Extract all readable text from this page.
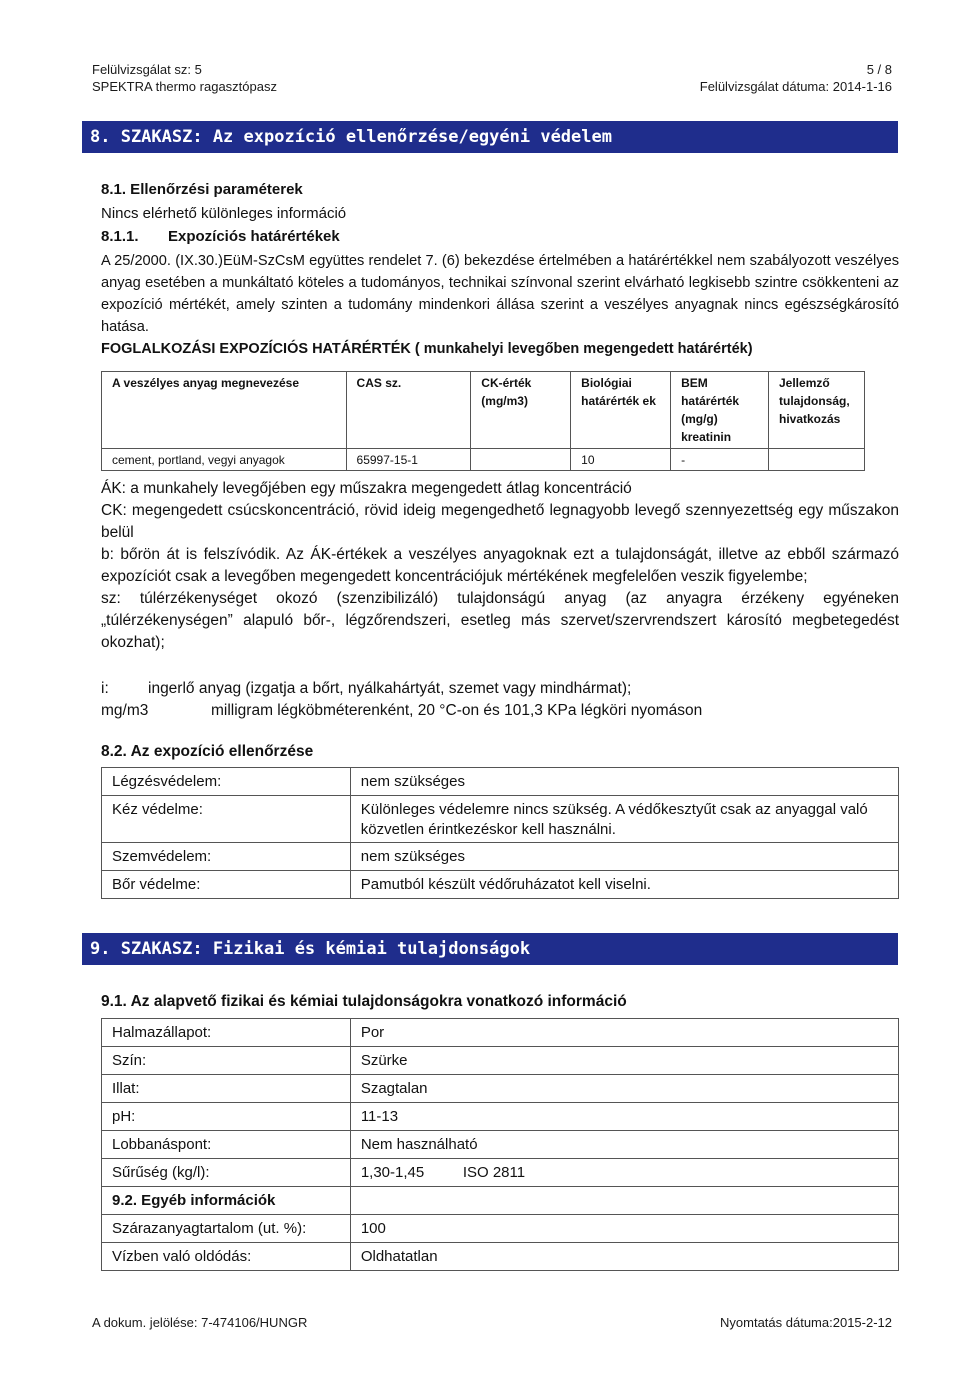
Felülvizsgálat sz: 5	5 / 8
SPEKTRA thermo ragasztópasz	Felülvizsgálat dátuma: 2014-1-16
8. SZAKASZ: Az expozíció ellenőrzése/egyéni védelem
8.1. Ellenőrzési paraméterek
Nincs elérhető különleges információ
8.1.1. Expozíciós határértékek
A 25/2000. (IX.30.)EüM-SzCsM együttes rendelet 7. (6) bekezdése értelmében a határértékkel nem szabályozott veszélyes anyag esetében a munkáltató köteles a tudományos, technikai színvonal szerint elvárható legkisebb szintre csökkenteni az expozíció mértékét, amely szinten a tudomány mindenkori állása szerint a veszélyes anyagnak nincs egészségkárosító hatása.
FOGLALKOZÁSI EXPOZÍCIÓS HATÁRÉRTÉK ( munkahelyi levegőben megengedett határérték)
A veszélyes anyag megnevezése	CAS sz.	CK-érték (mg/m3)	Biológiai határérték ek	BEM határérték (mg/g) kreatinin	Jellemző tulajdonság, hivatkozás
cement, portland, vegyi anyagok	65997-15-1		10	-	
ÁK: a munkahely levegőjében egy műszakra megengedett átlag koncentráció
CK: megengedett csúcskoncentráció, rövid ideig megengedhető legnagyobb levegő szennyezettség egy műszakon belül
b: bőrön át is felszívódik. Az ÁK-értékek a veszélyes anyagoknak ezt a tulajdonságát, illetve az ebből származó expozíciót csak a levegőben megengedett koncentrációjuk mértékének megfelelően veszik figyelembe;
sz: túlérzékenységet okozó (szenzibilizáló) tulajdonságú anyag (az anyagra érzékeny egyéneken „túlérzékenységen” alapuló bőr-, légzőrendszeri, esetleg más szervet/szervrendszert károsító megbetegedést okozhat);
i:	ingerlő anyag (izgatja a bőrt, nyálkahártyát, szemet vagy mindhármat);
mg/m3	milligram légköbméterenként, 20 °C-on és 101,3 KPa légköri nyomáson
8.2. Az expozíció ellenőrzése
Légzésvédelem:	nem szükséges
Kéz védelme:	Különleges védelemre nincs szükség. A védőkesztyűt csak az anyaggal való közvetlen érintkezéskor kell használni.
Szemvédelem:	nem szükséges
Bőr védelme:	Pamutból készült védőruházatot kell viselni.
9. SZAKASZ: Fizikai és kémiai tulajdonságok
9.1. Az alapvető fizikai és kémiai tulajdonságokra vonatkozó információ
Halmazállapot:	Por
Szín:	Szürke
Illat:	Szagtalan
pH:	11-13
Lobbanáspont:	Nem használható
Sűrűség (kg/l):	1,30-1,45 ISO 2811
9.2. Egyéb információk	
Szárazanyagtartalom (ut. %):	100
Vízben való oldódás:	Oldhatatlan
A dokum. jelölése: 7-474106/HUNGR	Nyomtatás dátuma:2015-2-12
